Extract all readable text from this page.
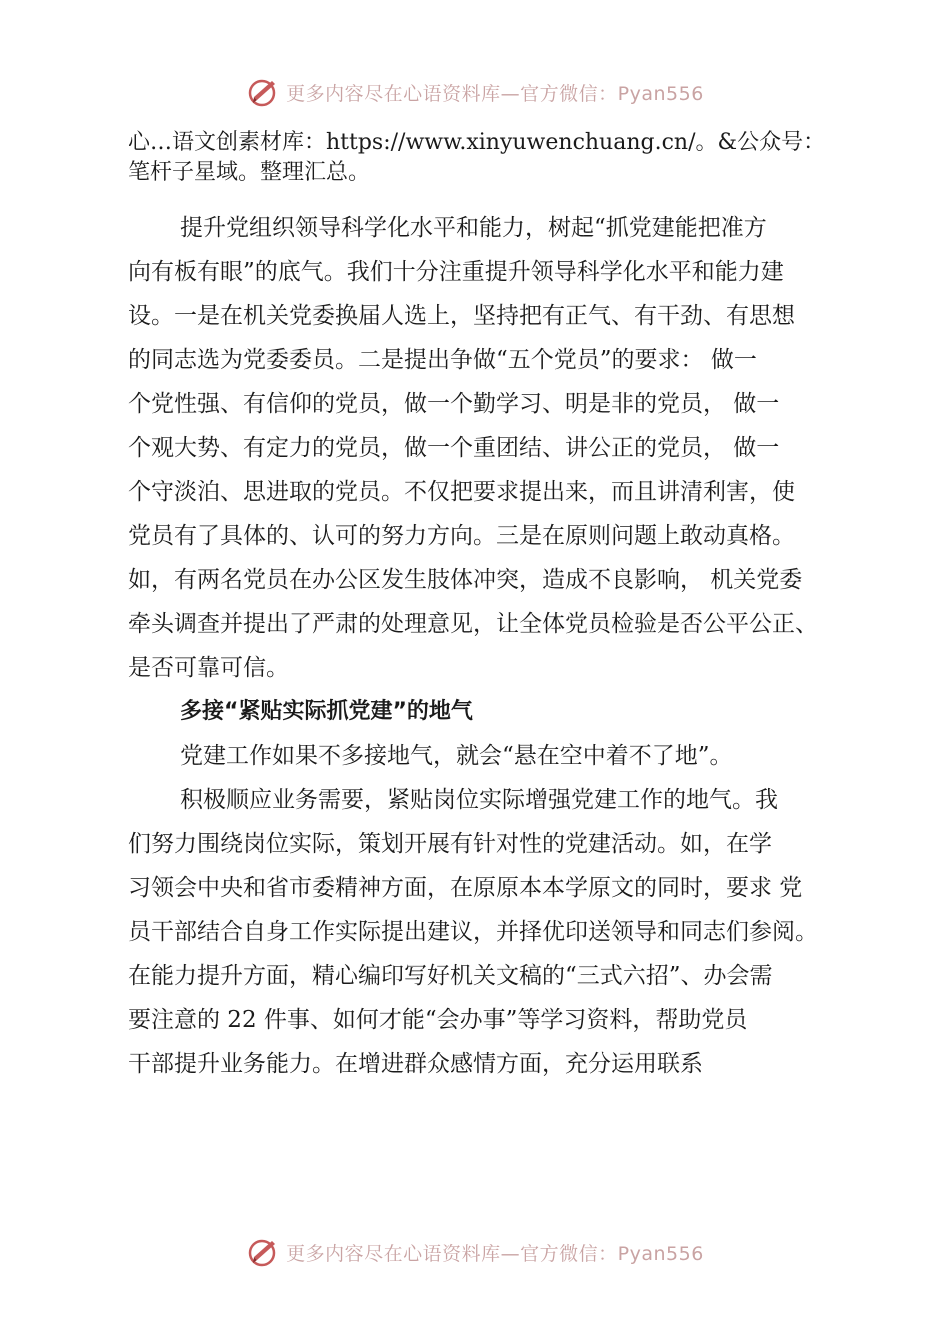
更多内容尽在心语资料库—官方微信：Pyan556

心…语文创素材库：https://www.xinyuwenchuang.cn/。&公众号：

笔杆子星域。整理汇总。

提升党组织领导科学化水平和能力，树起“抓党建能把准方

向有板有眼”的底气。我们十分注重提升领导科学化水平和能力建

设。一是在机关党委换届人选上，坚持把有正气、有干劲、有思想

的同志选为党委委员。二是提出争做“五个党员”的要求： 做一

个党性强、有信仰的党员，做一个勤学习、明是非的党员， 做一

个观大势、有定力的党员，做一个重团结、讲公正的党员， 做一

个守淡泊、思进取的党员。不仅把要求提出来，而且讲清利害，使

党员有了具体的、认可的努力方向。三是在原则问题上敢动真格。

如，有两名党员在办公区发生肢体冲突，造成不良影响， 机关党委

牵头调查并提出了严肃的处理意见，让全体党员检验是否公平公正、

是否可靠可信。

多接“紧贴实际抓党建”的地气

党建工作如果不多接地气，就会“悬在空中着不了地”。

积极顺应业务需要，紧贴岗位实际增强党建工作的地气。我

们努力围绕岗位实际，策划开展有针对性的党建活动。如，在学

习领会中央和省市委精神方面，在原原本本学原文的同时，要求 党

员干部结合自身工作实际提出建议，并择优印送领导和同志们参阅。

在能力提升方面，精心编印写好机关文稿的“三式六招”、办会需

要注意的 22 件事、如何才能“会办事”等学习资料，帮助党员

干部提升业务能力。在增进群众感情方面，充分运用联系

更多内容尽在心语资料库—官方微信：Pyan556
